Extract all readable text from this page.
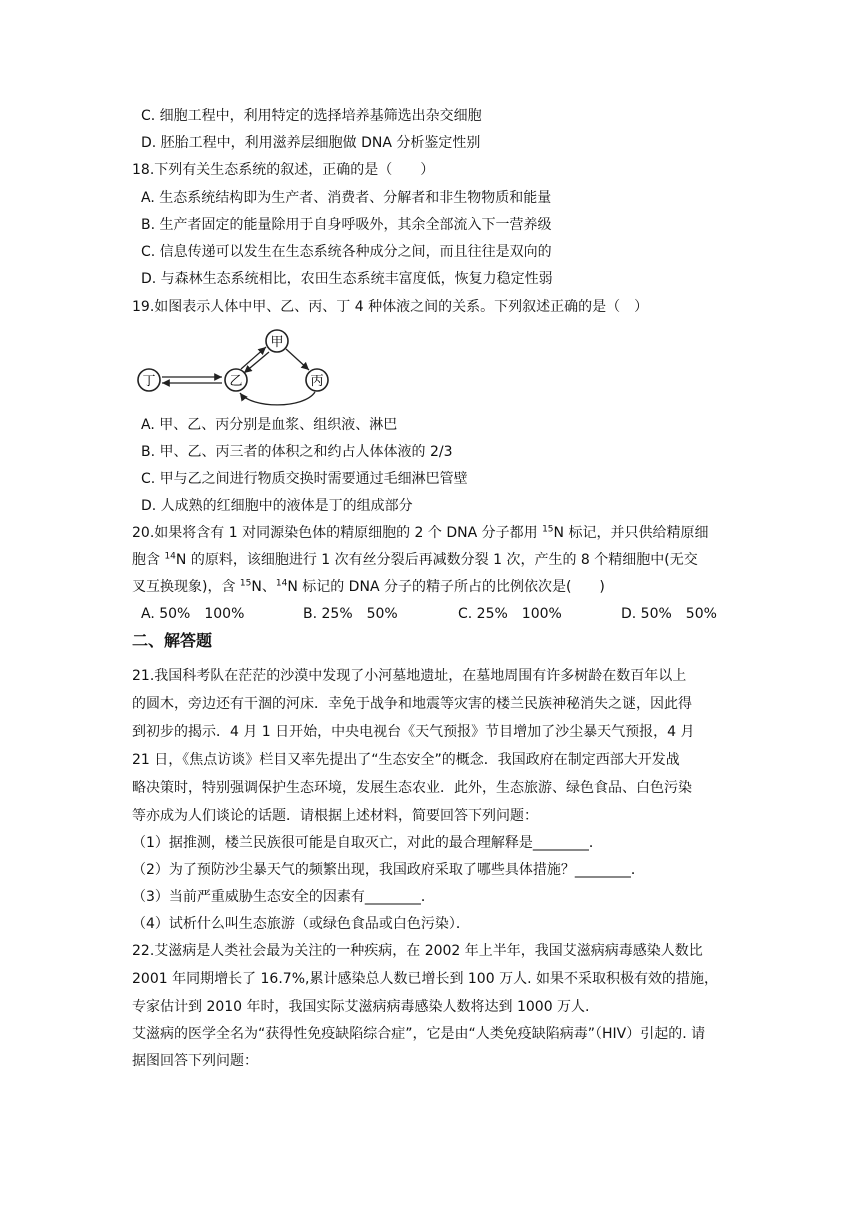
C. 细胞工程中，利用特定的选择培养基筛选出杂交细胞
D. 胚胎工程中，利用滋养层细胞做 DNA 分析鉴定性别
18.下列有关生态系统的叙述，正确的是（　　）
A. 生态系统结构即为生产者、消费者、分解者和非生物物质和能量
B. 生产者固定的能量除用于自身呼吸外，其余全部流入下一营养级
C. 信息传递可以发生在生态系统各种成分之间，而且往往是双向的
D. 与森林生态系统相比，农田生态系统丰富度低，恢复力稳定性弱
19.如图表示人体中甲、乙、丙、丁 4 种体液之间的关系。下列叙述正确的是（　）
甲
乙	丙
丁
A. 甲、乙、丙分别是血浆、组织液、淋巴
B. 甲、乙、丙三者的体积之和约占人体体液的 2/3
C. 甲与乙之间进行物质交换时需要通过毛细淋巴管壁
D. 人成熟的红细胞中的液体是丁的组成部分
20.如果将含有 1 对同源染色体的精原细胞的 2 个 DNA 分子都用 $^{15}$N 标记，并只供给精原细
胞含 $^{14}$N 的原料，该细胞进行 1 次有丝分裂后再减数分裂 1 次，产生的 8 个精细胞中(无交
叉互换现象)，含 $^{15}$N、$^{14}$N 标记的 DNA 分子的精子所占的比例依次是(　　)
A. 50%　100%	B. 25%　50%	C. 25%　100%	D. 50%　50%
二、解答题
21.我国科考队在茫茫的沙漠中发现了小河墓地遗址，在墓地周围有许多树龄在数百年以上
的圆木，旁边还有干涸的河床．幸免于战争和地震等灾害的楼兰民族神秘消失之谜，因此得
到初步的揭示．4 月 1 日开始，中央电视台《天气预报》节目增加了沙尘暴天气预报，4 月
21 日，《焦点访谈》栏目又率先提出了“生态安全”的概念．我国政府在制定西部大开发战
略决策时，特别强调保护生态环境，发展生态农业．此外，生态旅游、绿色食品、白色污染
等亦成为人们谈论的话题．请根据上述材料，简要回答下列问题：
（1）据推测，楼兰民族很可能是自取灭亡，对此的最合理解释是________．
（2）为了预防沙尘暴天气的频繁出现，我国政府采取了哪些具体措施？________．
（3）当前严重威胁生态安全的因素有________．
（4）试析什么叫生态旅游（或绿色食品或白色污染）．
22.艾滋病是人类社会最为关注的一种疾病，在 2002 年上半年，我国艾滋病病毒感染人数比
2001 年同期增长了 16.7%,累计感染总人数已增长到 100 万人. 如果不采取积极有效的措施，
专家估计到 2010 年时，我国实际艾滋病病毒感染人数将达到 1000 万人.
艾滋病的医学全名为“获得性免疫缺陷综合症”，它是由“人类免疫缺陷病毒”（HIV）引起的. 请
据图回答下列问题：
